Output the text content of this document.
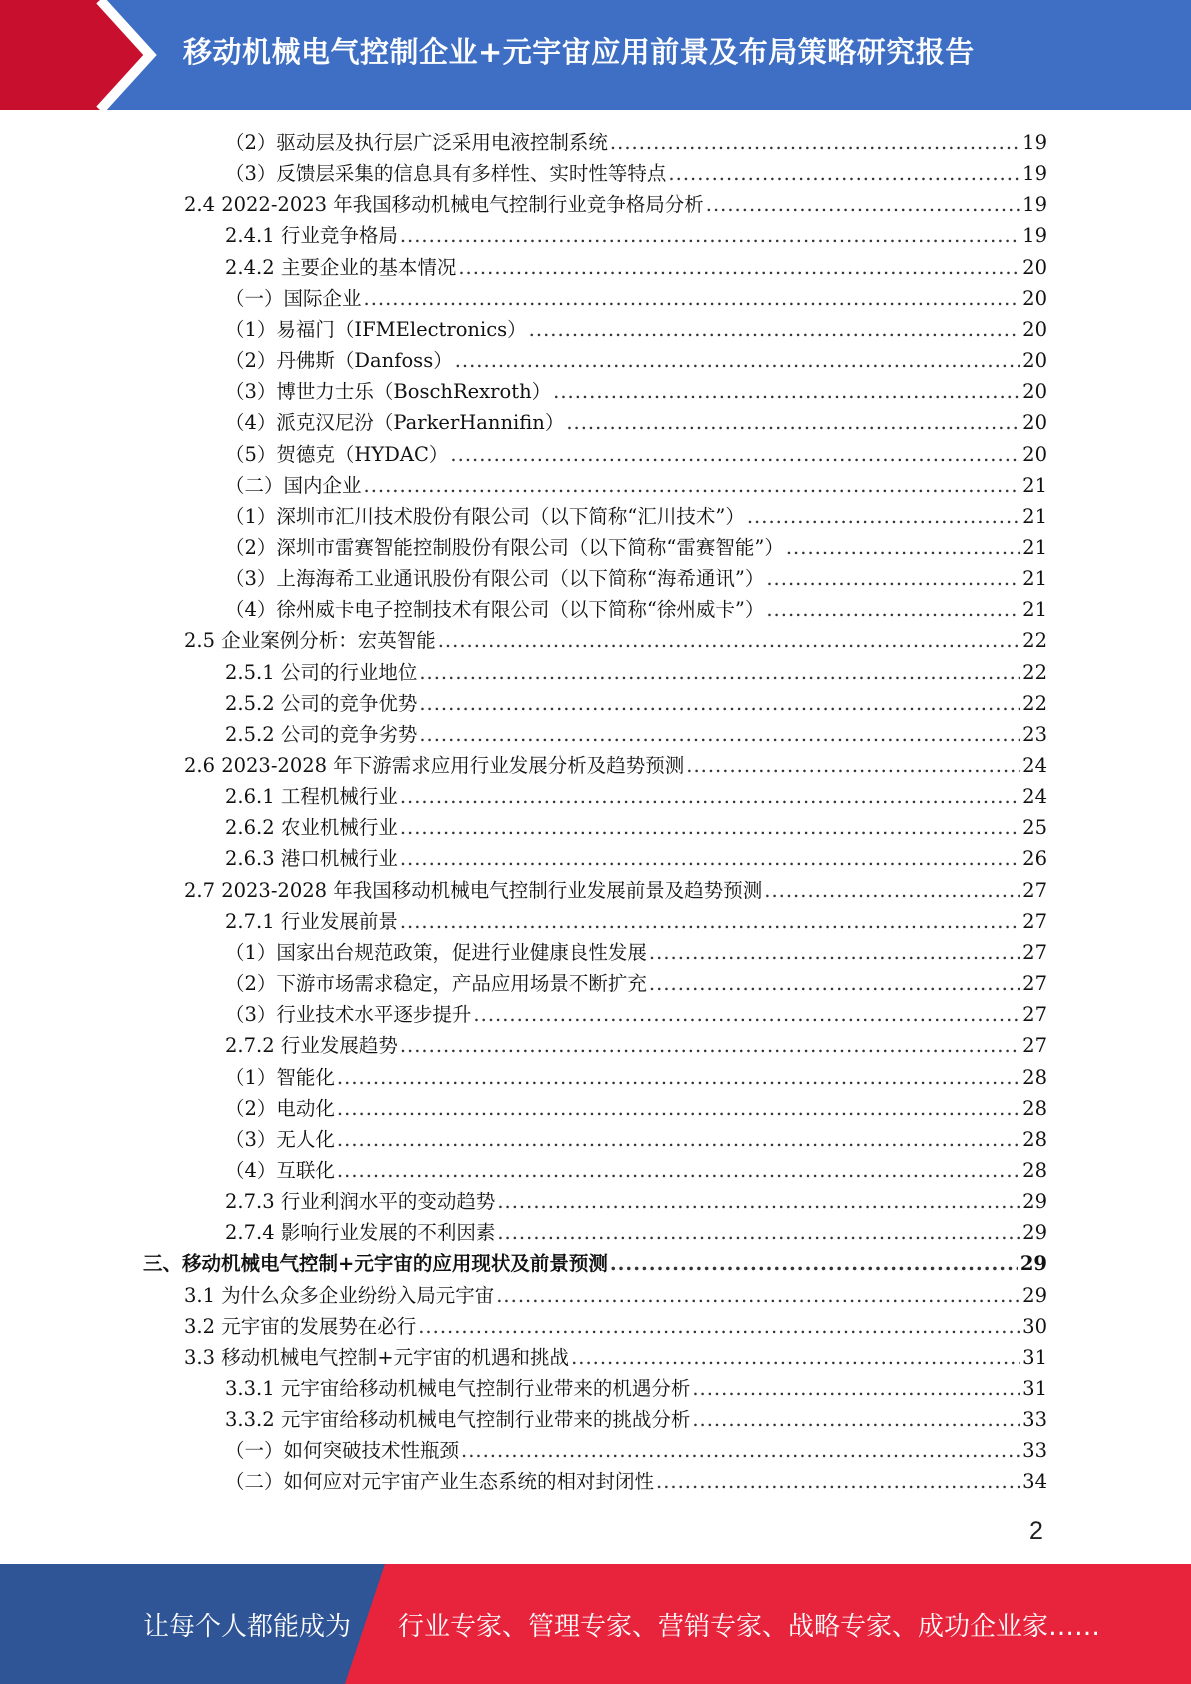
移动机械电气控制企业+元宇宙应用前景及布局策略研究报告
（2）驱动层及执行层广泛采用电液控制系统 .....	19
（3）反馈层采集的信息具有多样性、实时性等特点 .....	19
2.4 2022-2023 年我国移动机械电气控制行业竞争格局分析 .....	19
2.4.1 行业竞争格局 .....	19
2.4.2 主要企业的基本情况 .....	20
（一）国际企业 .....	20
（1）易福门（IFMElectronics） .....	20
（2）丹佛斯（Danfoss） .....	20
（3）博世力士乐（BoschRexroth） .....	20
（4）派克汉尼汾（ParkerHannifin） .....	20
（5）贺德克（HYDAC） .....	20
（二）国内企业 .....	21
（1）深圳市汇川技术股份有限公司（以下简称“汇川技术”） .....	21
（2）深圳市雷赛智能控制股份有限公司（以下简称“雷赛智能”） .....	21
（3）上海海希工业通讯股份有限公司（以下简称“海希通讯”） .....	21
（4）徐州威卡电子控制技术有限公司（以下简称“徐州威卡”） .....	21
2.5 企业案例分析：宏英智能 .....	22
2.5.1 公司的行业地位 .....	22
2.5.2 公司的竞争优势 .....	22
2.5.2 公司的竞争劣势 .....	23
2.6 2023-2028 年下游需求应用行业发展分析及趋势预测 .....	24
2.6.1 工程机械行业 .....	24
2.6.2 农业机械行业 .....	25
2.6.3 港口机械行业 .....	26
2.7 2023-2028 年我国移动机械电气控制行业发展前景及趋势预测 .....	27
2.7.1 行业发展前景 .....	27
（1）国家出台规范政策，促进行业健康良性发展 .....	27
（2）下游市场需求稳定，产品应用场景不断扩充 .....	27
（3）行业技术水平逐步提升 .....	27
2.7.2 行业发展趋势 .....	27
（1）智能化 .....	28
（2）电动化 .....	28
（3）无人化 .....	28
（4）互联化 .....	28
2.7.3 行业利润水平的变动趋势 .....	29
2.7.4 影响行业发展的不利因素 .....	29
三、移动机械电气控制+元宇宙的应用现状及前景预测 .....	29
3.1 为什么众多企业纷纷入局元宇宙 .....	29
3.2 元宇宙的发展势在必行 .....	30
3.3 移动机械电气控制+元宇宙的机遇和挑战 .....	31
3.3.1 元宇宙给移动机械电气控制行业带来的机遇分析 .....	31
3.3.2 元宇宙给移动机械电气控制行业带来的挑战分析 .....	33
（一）如何突破技术性瓶颈 .....	33
（二）如何应对元宇宙产业生态系统的相对封闭性 .....	34
2
让每个人都能成为 行业专家、管理专家、营销专家、战略专家、成功企业家……
